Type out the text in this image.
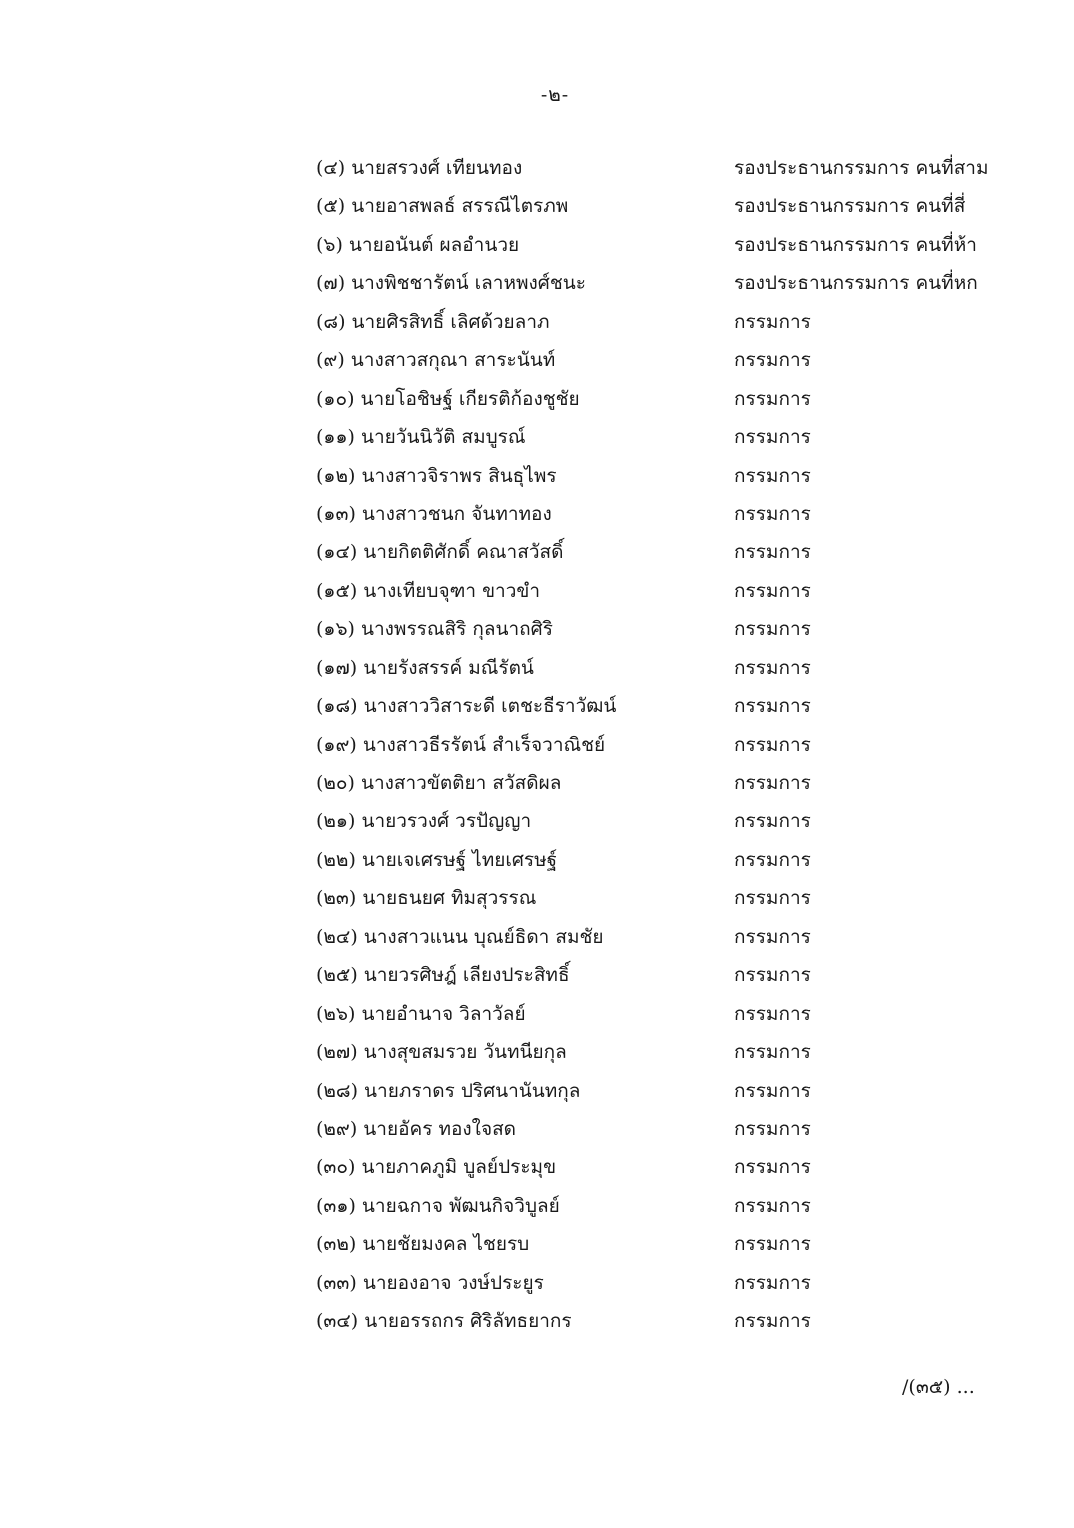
-๒-
(๔) นายสรวงศ์ เทียนทอง	รองประธานกรรมการ คนที่สาม
(๕) นายอาสพลธ์ สรรณีไตรภพ	รองประธานกรรมการ คนที่สี่
(๖) นายอนันต์ ผลอำนวย	รองประธานกรรมการ คนที่ห้า
(๗) นางพิชชารัตน์ เลาหพงศ์ชนะ	รองประธานกรรมการ คนที่หก
(๘) นายศิรสิทธิ์ เลิศด้วยลาภ	กรรมการ
(๙) นางสาวสกุณา สาระนันท์	กรรมการ
(๑๐) นายโอชิษฐ์ เกียรติก้องชูชัย	กรรมการ
(๑๑) นายวันนิวัติ สมบูรณ์	กรรมการ
(๑๒) นางสาวจิราพร สินธุไพร	กรรมการ
(๑๓) นางสาวชนก จันทาทอง	กรรมการ
(๑๔) นายกิตติศักดิ์ คณาสวัสดิ์	กรรมการ
(๑๕) นางเทียบจุฑา ขาวขำ	กรรมการ
(๑๖) นางพรรณสิริ กุลนาถศิริ	กรรมการ
(๑๗) นายรังสรรค์ มณีรัตน์	กรรมการ
(๑๘) นางสาววิสาระดี เตชะธีราวัฒน์	กรรมการ
(๑๙) นางสาวธีรรัตน์ สำเร็จวาณิชย์	กรรมการ
(๒๐) นางสาวขัตติยา สวัสดิผล	กรรมการ
(๒๑) นายวรวงศ์ วรปัญญา	กรรมการ
(๒๒) นายเจเศรษฐ์ ไทยเศรษฐ์	กรรมการ
(๒๓) นายธนยศ ทิมสุวรรณ	กรรมการ
(๒๔) นางสาวแนน บุณย์ธิดา สมชัย	กรรมการ
(๒๕) นายวรศิษฎ์ เลียงประสิทธิ์	กรรมการ
(๒๖) นายอำนาจ วิลาวัลย์	กรรมการ
(๒๗) นางสุขสมรวย วันทนียกุล	กรรมการ
(๒๘) นายภราดร ปริศนานันทกุล	กรรมการ
(๒๙) นายอัคร ทองใจสด	กรรมการ
(๓๐) นายภาคภูมิ บูลย์ประมุข	กรรมการ
(๓๑) นายฉกาจ พัฒนกิจวิบูลย์	กรรมการ
(๓๒) นายชัยมงคล ไชยรบ	กรรมการ
(๓๓) นายองอาจ วงษ์ประยูร	กรรมการ
(๓๔) นายอรรถกร ศิริลัทธยากร	กรรมการ
/(๓๕) ...
